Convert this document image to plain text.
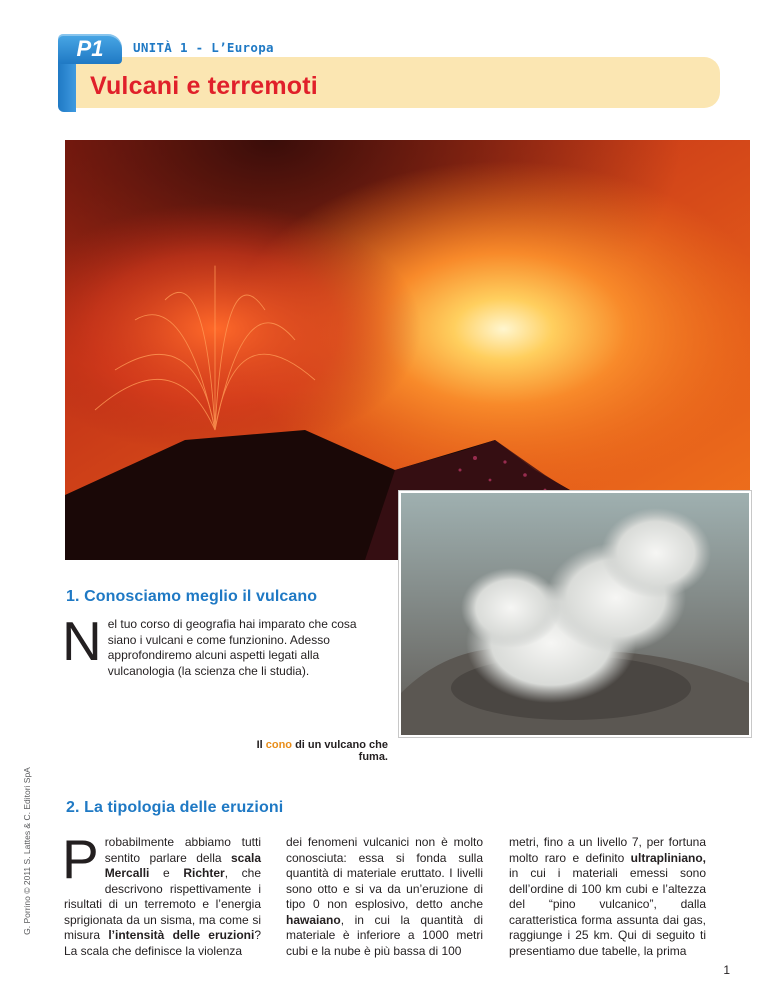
P1	UNITÀ 1 - L’Europa
Vulcani e terremoti
Il cono di un vulcano che fuma.
G. Porrino © 2011 S. Lattes & C. Editori SpA
1. Conosciamo meglio il vulcano

Nel tuo corso di geografia hai imparato che cosa siano i vulcani e come funzionino. Adesso approfondiremo alcuni aspetti legati alla vulcanologia (la scienza che li studia).

2. La tipologia delle eruzioni

Probabilmente abbiamo tutti sentito parlare della scala Mercalli e Richter, che descrivono rispettivamente i risultati di un terremoto e l’energia sprigionata da un sisma, ma come si misura l’intensità delle eruzioni? La scala che definisce la violenza

dei fenomeni vulcanici non è molto conosciuta: essa si fonda sulla quantità di materiale eruttato. I livelli sono otto e si va da un’eruzione di tipo 0 non esplosivo, detto anche hawaiano, in cui la quantità di materiale è inferiore a 1000 metri cubi e la nube è più bassa di 100

metri, fino a un livello 7, per fortuna molto raro e definito ultrapliniano, in cui i materiali emessi sono dell’ordine di 100 km cubi e l’altezza del “pino vulcanico”, dalla caratteristica forma assunta dai gas, raggiunge i 25 km. Qui di seguito ti presentiamo due tabelle, la prima

1
